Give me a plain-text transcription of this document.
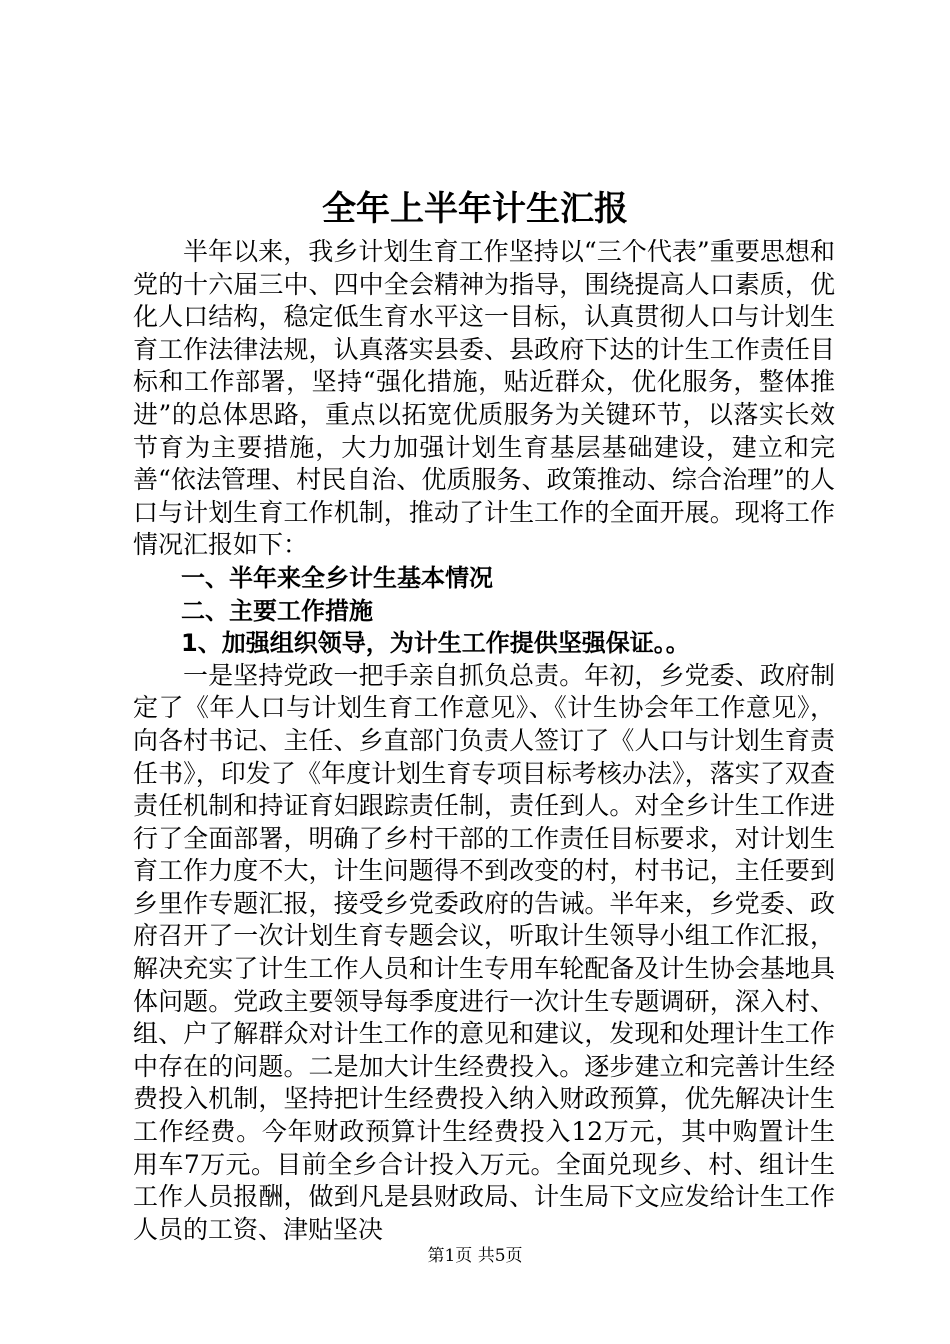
全年上半年计生汇报

半年以来，我乡计划生育工作坚持以“三个代表”重要思想和党的十六届三中、四中全会精神为指导，围绕提高人口素质，优化人口结构，稳定低生育水平这一目标，认真贯彻人口与计划生育工作法律法规，认真落实县委、县政府下达的计生工作责任目标和工作部署，坚持“强化措施，贴近群众，优化服务，整体推进”的总体思路，重点以拓宽优质服务为关键环节，以落实长效节育为主要措施，大力加强计划生育基层基础建设，建立和完善“依法管理、村民自治、优质服务、政策推动、综合治理”的人口与计划生育工作机制，推动了计生工作的全面开展。现将工作情况汇报如下：

一、半年来全乡计生基本情况

二、主要工作措施

1、加强组织领导，为计生工作提供坚强保证。。

一是坚持党政一把手亲自抓负总责。年初，乡党委、政府制定了《年人口与计划生育工作意见》、《计生协会年工作意见》，向各村书记、主任、乡直部门负责人签订了《人口与计划生育责任书》，印发了《年度计划生育专项目标考核办法》，落实了双查责任机制和持证育妇跟踪责任制，责任到人。对全乡计生工作进行了全面部署，明确了乡村干部的工作责任目标要求，对计划生育工作力度不大，计生问题得不到改变的村，村书记，主任要到乡里作专题汇报，接受乡党委政府的告诫。半年来，乡党委、政府召开了一次计划生育专题会议，听取计生领导小组工作汇报，解决充实了计生工作人员和计生专用车轮配备及计生协会基地具体问题。党政主要领导每季度进行一次计生专题调研，深入村、组、户了解群众对计生工作的意见和建议，发现和处理计生工作中存在的问题。二是加大计生经费投入。逐步建立和完善计生经费投入机制，坚持把计生经费投入纳入财政预算，优先解决计生工作经费。今年财政预算计生经费投入12万元，其中购置计生用车7万元。目前全乡合计投入万元。全面兑现乡、村、组计生工作人员报酬，做到凡是县财政局、计生局下文应发给计生工作人员的工资、津贴坚决

第1页 共5页
